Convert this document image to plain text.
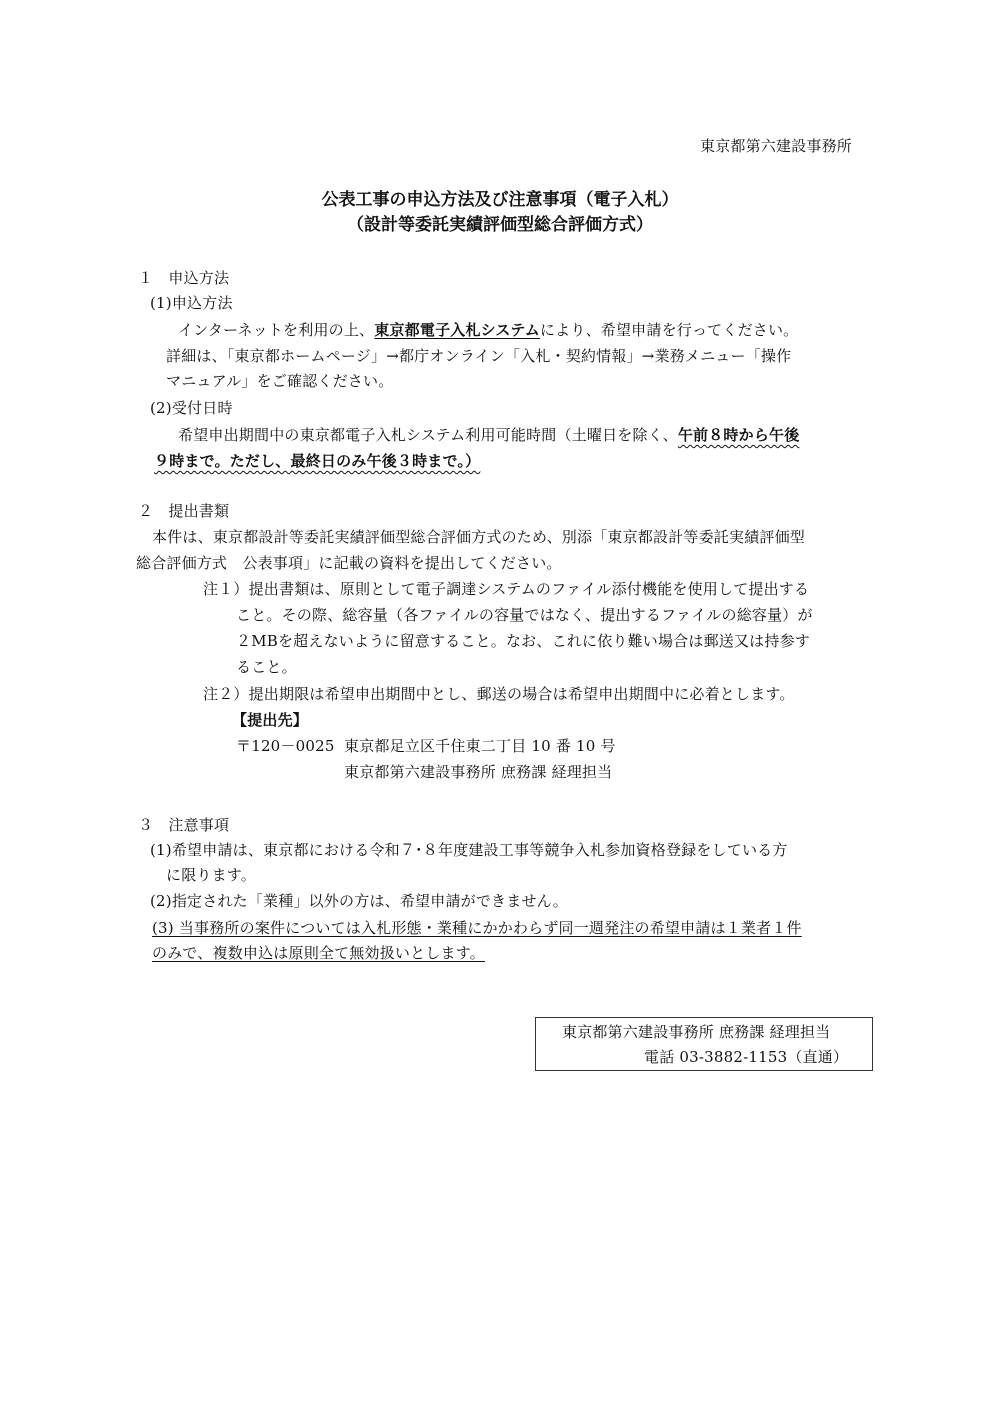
東京都第六建設事務所
公表工事の申込方法及び注意事項（電子入札）
（設計等委託実績評価型総合評価方式）
１　申込方法
(1)申込方法
インターネットを利用の上、東京都電子入札システムにより、希望申請を行ってください。
詳細は、「東京都ホームページ」→都庁オンライン「入札・契約情報」→業務メニュー「操作
マニュアル」をご確認ください。
(2)受付日時
希望申出期間中の東京都電子入札システム利用可能時間（土曜日を除く、午前８時から午後
９時まで。ただし、最終日のみ午後３時まで。）
２　提出書類
本件は、東京都設計等委託実績評価型総合評価方式のため、別添「東京都設計等委託実績評価型
総合評価方式　公表事項」に記載の資料を提出してください。
注１）提出書類は、原則として電子調達システムのファイル添付機能を使用して提出する
こと。その際、総容量（各ファイルの容量ではなく、提出するファイルの総容量）が
２MBを超えないように留意すること。なお、これに依り難い場合は郵送又は持参す
ること。
注２）提出期限は希望申出期間中とし、郵送の場合は希望申出期間中に必着とします。
【提出先】
〒120－0025 東京都足立区千住東二丁目 10 番 10 号
東京都第六建設事務所 庶務課 経理担当
３　注意事項
(1)希望申請は、東京都における令和７･８年度建設工事等競争入札参加資格登録をしている方
に限ります。
(2)指定された「業種」以外の方は、希望申請ができません。
(3) 当事務所の案件については入札形態・業種にかかわらず同一週発注の希望申請は１業者１件
のみで、複数申込は原則全て無効扱いとします。
東京都第六建設事務所 庶務課 経理担当
電話 03-3882-1153（直通）
